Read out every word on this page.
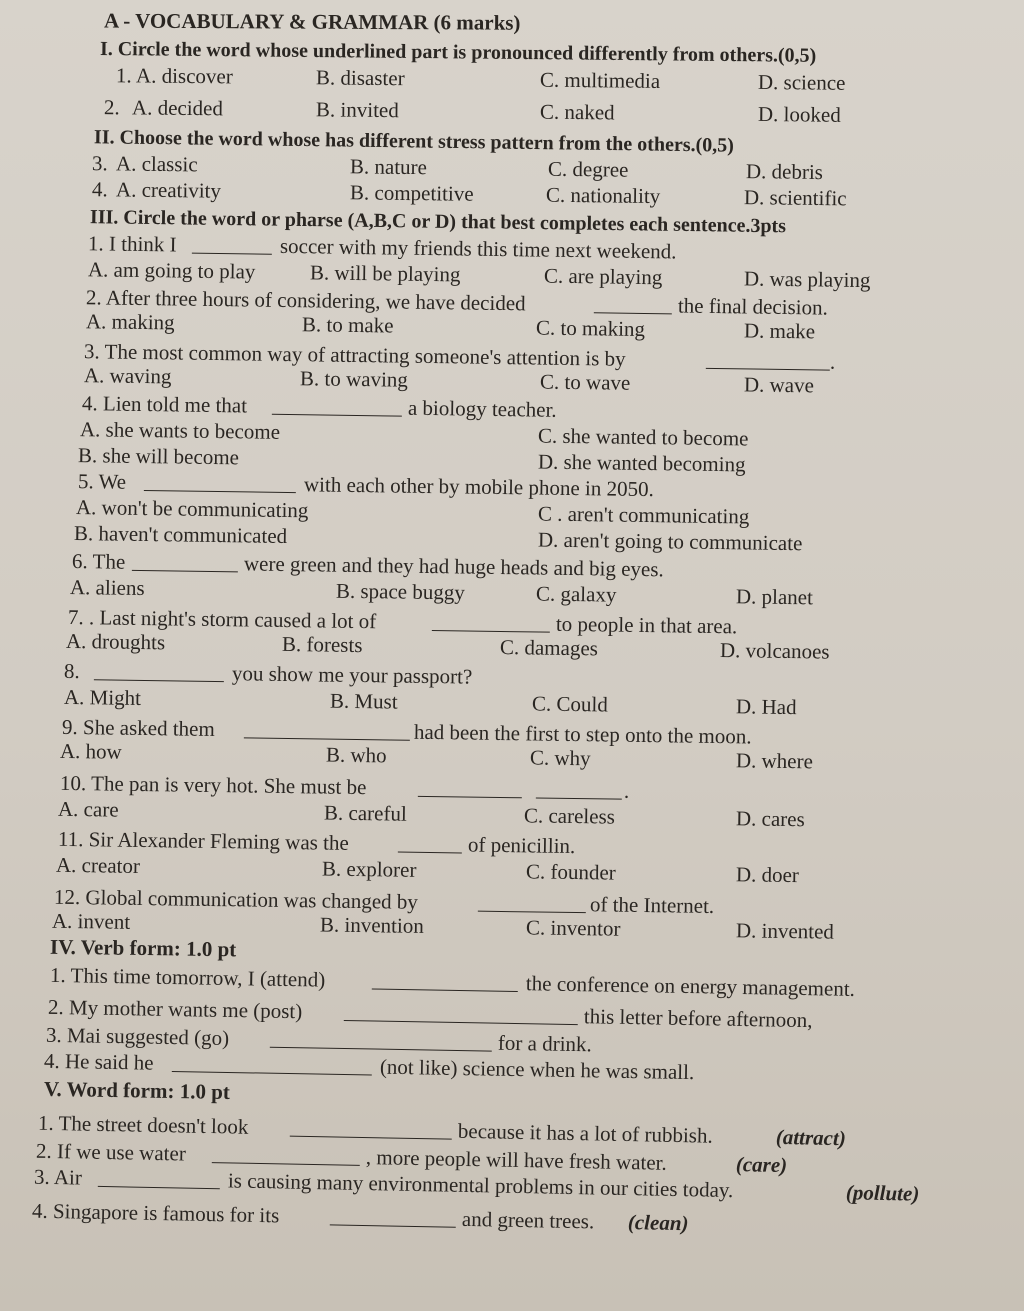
A - VOCABULARY & GRAMMAR (6 marks)
I. Circle the word whose underlined part is pronounced differently from others.(0,5)
1. A. discover	B. disaster	C. multimedia	D. science
2. A. decided	B. invited	C. naked	D. looked
II. Choose the word whose has different stress pattern from the others.(0,5)
3. A. classic	B. nature	C. degree	D. debris
4. A. creativity	B. competitive	C. nationality	D. scientific
III. Circle the word or pharse (A,B,C or D) that best completes each sentence.3pts
1. I think I	soccer with my friends this time next weekend.
A. am going to play	B. will be playing	C. are playing	D. was playing
2. After three hours of considering, we have decided	the final decision.
A. making	B. to make	C. to making	D. make
3. The most common way of attracting someone's attention is by	.
A. waving	B. to waving	C. to wave	D. wave
4. Lien told me that	a biology teacher.
A. she wants to become	C. she wanted to become
B. she will become	D. she wanted becoming
5. We	with each other by mobile phone in 2050.
A. won't be communicating	C . aren't communicating
B. haven't communicated	D. aren't going to communicate
6. The	were green and they had huge heads and big eyes.
A. aliens	B. space buggy	C. galaxy	D. planet
7. . Last night's storm caused a lot of	to people in that area.
A. droughts	B. forests	C. damages	D. volcanoes
8.	you show me your passport?
A. Might	B. Must	C. Could	D. Had
9. She asked them	had been the first to step onto the moon.
A. how	B. who	C. why	D. where
10. The pan is very hot. She must be	.
A. care	B. careful	C. careless	D. cares
11. Sir Alexander Fleming was the	of penicillin.
A. creator	B. explorer	C. founder	D. doer
12. Global communication was changed by	of the Internet.
A. invent	B. invention	C. inventor	D. invented
IV. Verb form: 1.0 pt
1. This time tomorrow, I (attend)	the conference on energy management.
2. My mother wants me (post)	this letter before afternoon,
3. Mai suggested (go)	for a drink.
4. He said he	(not like) science when he was small.
V. Word form: 1.0 pt
1. The street doesn't look	because it has a lot of rubbish.	(attract)
2. If we use water	, more people will have fresh water.	(care)
3. Air	is causing many environmental problems in our cities today.	(pollute)
4. Singapore is famous for its	and green trees. (clean)
